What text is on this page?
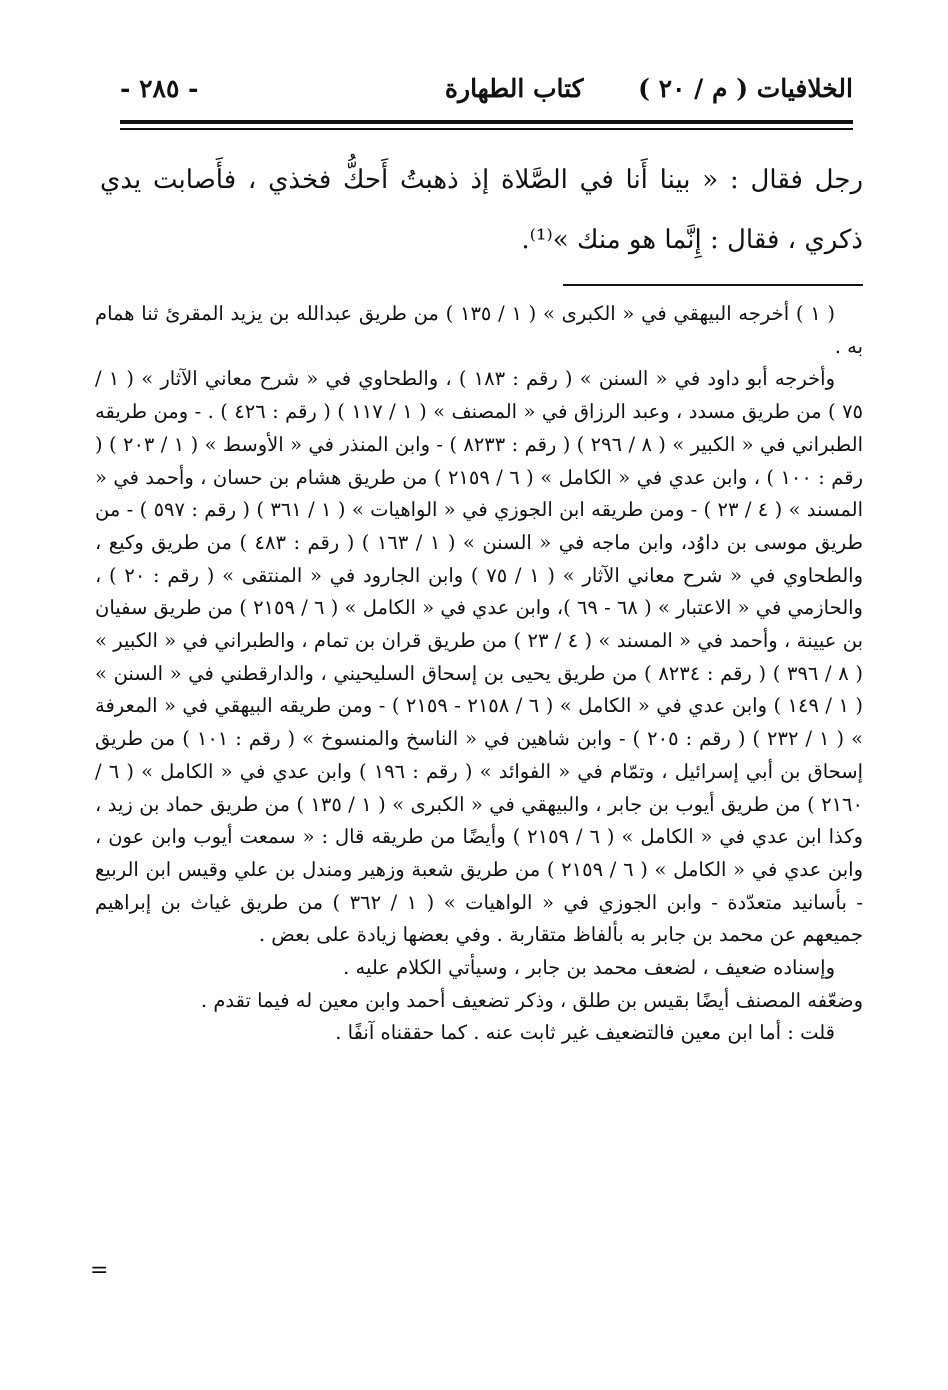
الخلافيات ( م / ٢٠ )
كتاب الطهارة
- ٢٨٥ -

رجل فقال : « بينا أَنا في الصَّلاة إذ ذهبتُ أَحكُّ فخذي ، فأَصابت يدي ذكري ، فقال : إِنَّما هو منك »⁽¹⁾.

( ١ ) أخرجه البيهقي في « الكبرى » ( ١ / ١٣٥ ) من طريق عبدالله بن يزيد المقرئ ثنا همام به .

وأخرجه أبو داود في « السنن » ( رقم : ١٨٣ ) ، والطحاوي في « شرح معاني الآثار » ( ١ / ٧٥ ) من طريق مسدد ، وعبد الرزاق في « المصنف » ( ١ / ١١٧ ) ( رقم : ٤٢٦ ) . - ومن طريقه الطبراني في « الكبير » ( ٨ / ٢٩٦ ) ( رقم : ٨٢٣٣ ) - وابن المنذر في « الأوسط » ( ١ / ٢٠٣ ) ( رقم : ١٠٠ ) ، وابن عدي في « الكامل » ( ٦ / ٢١٥٩ ) من طريق هشام بن حسان ، وأحمد في « المسند » ( ٤ / ٢٣ ) - ومن طريقه ابن الجوزي في « الواهيات » ( ١ / ٣٦١ ) ( رقم : ٥٩٧ ) - من طريق موسى بن داوُد، وابن ماجه في « السنن » ( ١ / ١٦٣ ) ( رقم : ٤٨٣ ) من طريق وكيع ، والطحاوي في « شرح معاني الآثار » ( ١ / ٧٥ ) وابن الجارود في « المنتقى » ( رقم : ٢٠ ) ، والحازمي في « الاعتبار » ( ٦٨ - ٦٩ )، وابن عدي في « الكامل » ( ٦ / ٢١٥٩ ) من طريق سفيان بن عيينة ، وأحمد في « المسند » ( ٤ / ٢٣ ) من طريق قران بن تمام ، والطبراني في « الكبير » ( ٨ / ٣٩٦ ) ( رقم : ٨٢٣٤ ) من طريق يحيى بن إسحاق السليحيني ، والدارقطني في « السنن » ( ١ / ١٤٩ ) وابن عدي في « الكامل » ( ٦ / ٢١٥٨ - ٢١٥٩ ) - ومن طريقه البيهقي في « المعرفة » ( ١ / ٢٣٢ ) ( رقم : ٢٠٥ ) - وابن شاهين في « الناسخ والمنسوخ » ( رقم : ١٠١ ) من طريق إسحاق بن أبي إسرائيل ، وتمّام في « الفوائد » ( رقم : ١٩٦ ) وابن عدي في « الكامل » ( ٦ /٢١٦٠ ) من طريق أيوب بن جابر ، والبيهقي في « الكبرى » ( ١ / ١٣٥ ) من طريق حماد بن زيد ، وكذا ابن عدي في « الكامل » ( ٦ / ٢١٥٩ ) وأيضًا من طريقه قال : « سمعت أيوب وابن عون ، وابن عدي في « الكامل » ( ٦ / ٢١٥٩ ) من طريق شعبة وزهير ومندل بن علي وقيس ابن الربيع - بأسانيد متعدّدة - وابن الجوزي في « الواهيات » ( ١ / ٣٦٢ ) من طريق غياث بن إبراهيم جميعهم عن محمد بن جابر به بألفاظ متقاربة . وفي بعضها زيادة على بعض .

وإسناده ضعيف ، لضعف محمد بن جابر ، وسيأتي الكلام عليه .

وضعّفه المصنف أيضًا بقيس بن طلق ، وذكر تضعيف أحمد وابن معين له فيما تقدم .

قلت : أما ابن معين فالتضعيف غير ثابت عنه . كما حققناه آنفًا .

=
